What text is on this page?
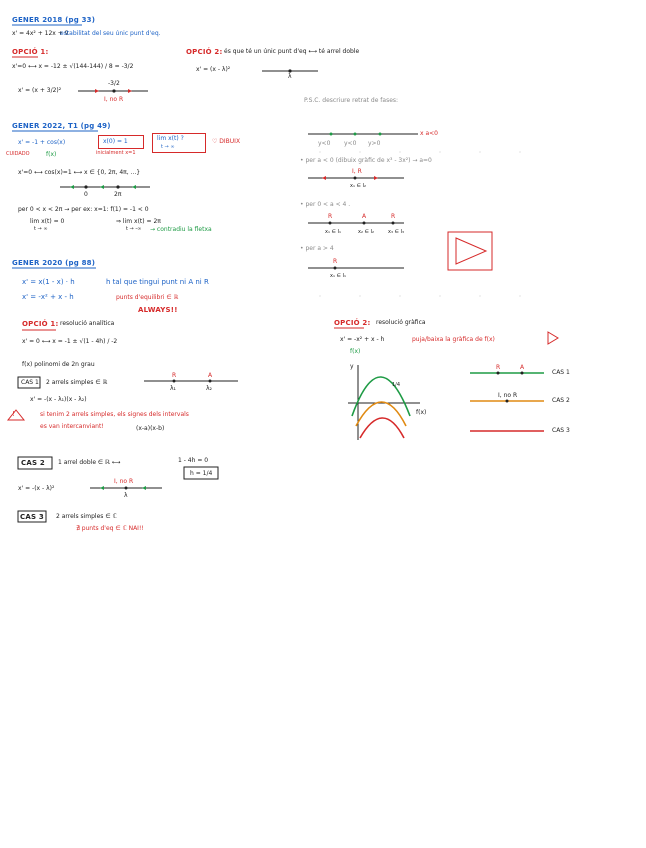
GENER 2018 (pg 33)
x' = 4x² + 12x + 9
estabilitat del seu únic punt d'eq.
OPCIÓ 1:
x'=0 ⟷ x = -12 ± √(144-144) / 8 = -3/2
x' = (x + 3/2)²
-3/2
I, no R
OPCIÓ 2: és que té un únic punt d'eq ⟷ té arrel doble
x' = (x - λ)²
λ
GENER 2022, T1 (pg 49)
x' = -1 + cos(x)
f(x)
CUIDADO
x(0) = 1
inicialment x=1
lim x(t) ?
t → ∞
♡ DIBUIX
x'=0 ⟷ cos(x)=1 ⟷ x ∈ {0, 2π, 4π, ...}
0	2π
per 0 < x < 2π → per ex: x=1: f(1) = -1 < 0
lim x(t) = 0
t → ∞
⇒ lim x(t) = 2π
t → -∞ → contradiu la fletxa
P.S.C. descriure retrat de fases:
x a<0
y<0 y<0 y>0
• per a < 0 (dibuix gràfic de x³ - 3x²) → a=0
I, R
x₁ ∈ I₂
• per 0 < a < 4 .
R	A	R
x₁ ∈ I₁	x₂ ∈ I₂	x₃ ∈ I₃
• per a > 4
R
x₁ ∈ I₁
GENER 2020 (pg 88)
x' = x(1 - x) · h	h tal que tingui punt ni A ni R
x' = -x² + x - h	punts d'equilibri ∈ ℝ
ALWAYS!!
OPCIÓ 1: resolució analítica
x' = 0 ⟷ x = -1 ± √(1 - 4h) / -2
f(x) polinomi de 2n grau
CAS 1 2 arrels simples ∈ ℝ
R	A
λ₁	λ₂
x' = -(x - λ₁)(x - λ₂)
!	si tenim 2 arrels simples, els signes dels intervals
es van intercanviant!	(x-a)(x-b)
CAS 2 1 arrel doble ∈ ℝ ⟷	1 - 4h = 0
h = 1/4
x' = -(x - λ)²
I, no R
λ
CAS 3 2 arrels simples ∈ ℂ
∄ punts d'eq ∈ ℂ NAI!!
OPCIÓ 2: resolució gràfica
x' = -x² + x - h	puja/baixa la gràfica de f(x)
f(x)
y
f(x)
1/4
R	A
CAS 1
I, no R
CAS 2
CAS 3
